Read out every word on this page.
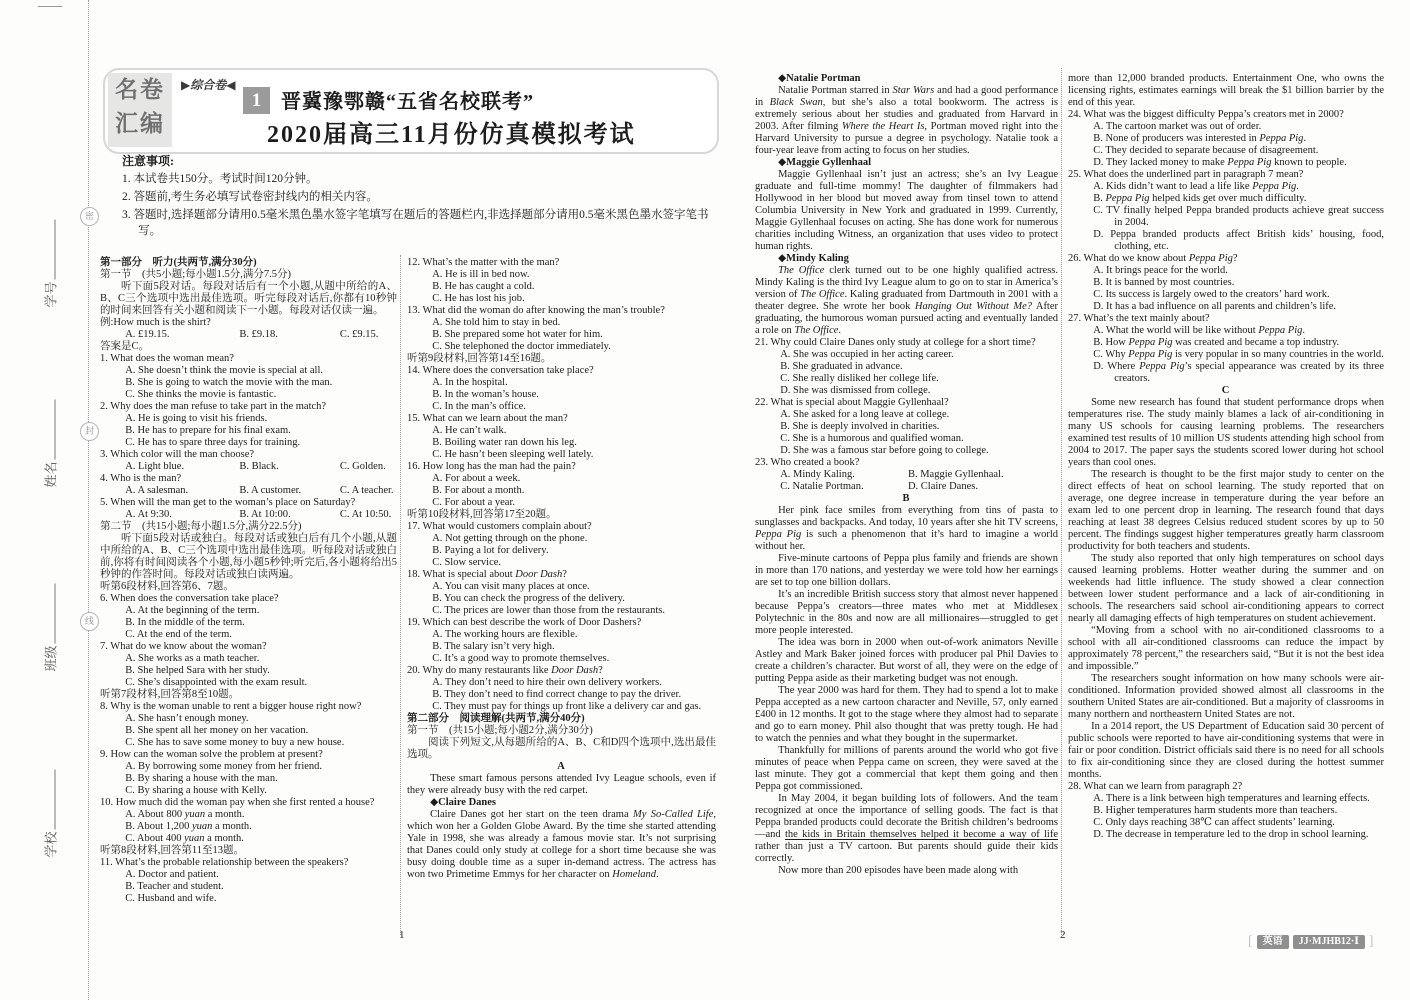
密
封
线
学号
姓名
班级
学校
名卷
汇编
▶综合卷◀
1 晋冀豫鄂赣“五省名校联考”
2020届高三11月份仿真模拟考试
注意事项:
1. 本试卷共150分。考试时间120分钟。
2. 答题前,考生务必填写试卷密封线内的相关内容。
3. 答题时,选择题部分请用0.5毫米黑色墨水签字笔填写在题后的答题栏内,非选择题部分请用0.5毫米黑色墨水签字笔书写。
第一部分　听力(共两节,满分30分)
第一节　(共5小题;每小题1.5分,满分7.5分)
听下面5段对话。每段对话后有一个小题,从题中所给的A、B、C三个选项中选出最佳选项。听完每段对话后,你都有10秒钟的时间来回答有关小题和阅读下一小题。每段对话仅读一遍。
例:How much is the shirt?
A. £19.15.	B. £9.18.	C. £9.15.
答案是C。
1. What does the woman mean?
A. She doesn’t think the movie is special at all.
B. She is going to watch the movie with the man.
C. She thinks the movie is fantastic.
2. Why does the man refuse to take part in the match?
A. He is going to visit his friends.
B. He has to prepare for his final exam.
C. He has to spare three days for training.
3. Which color will the man choose?
A. Light blue.	B. Black.	C. Golden.
4. Who is the man?
A. A salesman.	B. A customer.	C. A teacher.
5. When will the man get to the woman’s place on Saturday?
A. At 9:30.	B. At 10:00.	C. At 10:50.
第二节　(共15小题;每小题1.5分,满分22.5分)
听下面5段对话或独白。每段对话或独白后有几个小题,从题中所给的A、B、C三个选项中选出最佳选项。听每段对话或独白前,你将有时间阅读各个小题,每小题5秒钟;听完后,各小题将给出5秒钟的作答时间。每段对话或独白读两遍。
听第6段材料,回答第6、7题。
6. When does the conversation take place?
A. At the beginning of the term.
B. In the middle of the term.
C. At the end of the term.
7. What do we know about the woman?
A. She works as a math teacher.
B. She helped Sara with her study.
C. She’s disappointed with the exam result.
听第7段材料,回答第8至10题。
8. Why is the woman unable to rent a bigger house right now?
A. She hasn’t enough money.
B. She spent all her money on her vacation.
C. She has to save some money to buy a new house.
9. How can the woman solve the problem at present?
A. By borrowing some money from her friend.
B. By sharing a house with the man.
C. By sharing a house with Kelly.
10. How much did the woman pay when she first rented a house?
A. About 800 yuan a month.
B. About 1,200 yuan a month.
C. About 400 yuan a month.
听第8段材料,回答第11至13题。
11. What’s the probable relationship between the speakers?
A. Doctor and patient.
B. Teacher and student.
C. Husband and wife.
12. What’s the matter with the man?
A. He is ill in bed now.
B. He has caught a cold.
C. He has lost his job.
13. What did the woman do after knowing the man’s trouble?
A. She told him to stay in bed.
B. She prepared some hot water for him.
C. She telephoned the doctor immediately.
听第9段材料,回答第14至16题。
14. Where does the conversation take place?
A. In the hospital.
B. In the woman’s house.
C. In the man’s office.
15. What can we learn about the man?
A. He can’t walk.
B. Boiling water ran down his leg.
C. He hasn’t been sleeping well lately.
16. How long has the man had the pain?
A. For about a week.
B. For about a month.
C. For about a year.
听第10段材料,回答第17至20题。
17. What would customers complain about?
A. Not getting through on the phone.
B. Paying a lot for delivery.
C. Slow service.
18. What is special about Door Dash?
A. You can visit many places at once.
B. You can check the progress of the delivery.
C. The prices are lower than those from the restaurants.
19. Which can best describe the work of Door Dashers?
A. The working hours are flexible.
B. The salary isn’t very high.
C. It’s a good way to promote themselves.
20. Why do many restaurants like Door Dash?
A. They don’t need to hire their own delivery workers.
B. They don’t need to find correct change to pay the driver.
C. They must pay for things up front like a delivery car and gas.
第二部分　阅读理解(共两节,满分40分)
第一节　(共15小题;每小题2分,满分30分)
阅读下列短文,从每题所给的A、B、C和D四个选项中,选出最佳选项。
A
These smart famous persons attended Ivy League schools, even if they were already busy with the red carpet.
◆Claire Danes
Claire Danes got her start on the teen drama My So-Called Life, which won her a Golden Globe Award. By the time she started attending Yale in 1998, she was already a famous movie star. It’s not surprising that Danes could only study at college for a short time because she was busy doing double time as a super in-demand actress. The actress has won two Primetime Emmys for her character on Homeland.
◆Natalie Portman
Natalie Portman starred in Star Wars and had a good performance in Black Swan, but she’s also a total bookworm. The actress is extremely serious about her studies and graduated from Harvard in 2003. After filming Where the Heart Is, Portman moved right into the Harvard University to pursue a degree in psychology. Natalie took a four-year leave from acting to focus on her studies.
◆Maggie Gyllenhaal
Maggie Gyllenhaal isn’t just an actress; she’s an Ivy League graduate and full-time mommy! The daughter of filmmakers had Hollywood in her blood but moved away from tinsel town to attend Columbia University in New York and graduated in 1999. Currently, Maggie Gyllenhaal focuses on acting. She has done work for numerous charities including Witness, an organization that uses video to protect human rights.
◆Mindy Kaling
The Office clerk turned out to be one highly qualified actress. Mindy Kaling is the third Ivy League alum to go on to star in America’s version of The Office. Kaling graduated from Dartmouth in 2001 with a theater degree. She wrote her book Hanging Out Without Me? After graduating, the humorous woman pursued acting and eventually landed a role on The Office.
21. Why could Claire Danes only study at college for a short time?
A. She was occupied in her acting career.
B. She graduated in advance.
C. She really disliked her college life.
D. She was dismissed from college.
22. What is special about Maggie Gyllenhaal?
A. She asked for a long leave at college.
B. She is deeply involved in charities.
C. She is a humorous and qualified woman.
D. She was a famous star before going to college.
23. Who created a book?
A. Mindy Kaling.	B. Maggie Gyllenhaal.
C. Natalie Portman.	D. Claire Danes.
B
Her pink face smiles from everything from tins of pasta to sunglasses and backpacks. And today, 10 years after she hit TV screens, Peppa Pig is such a phenomenon that it’s hard to imagine a world without her.
Five-minute cartoons of Peppa plus family and friends are shown in more than 170 nations, and yesterday we were told how her earnings are set to top one billion dollars.
It’s an incredible British success story that almost never happened because Peppa’s creators—three mates who met at Middlesex Polytechnic in the 80s and now are all millionaires—struggled to get more people interested.
The idea was born in 2000 when out-of-work animators Neville Astley and Mark Baker joined forces with producer pal Phil Davies to create a children’s character. But worst of all, they were on the edge of putting Peppa aside as their marketing budget was not enough.
The year 2000 was hard for them. They had to spend a lot to make Peppa accepted as a new cartoon character and Neville, 57, only earned £400 in 12 months. It got to the stage where they almost had to separate and go to earn money. Phil also thought that was pretty tough. He had to watch the pennies and what they bought in the supermarket.
Thankfully for millions of parents around the world who got five minutes of peace when Peppa came on screen, they were saved at the last minute. They got a commercial that kept them going and then Peppa got commissioned.
In May 2004, it began building lots of followers. And the team recognized at once the importance of selling goods. The fact is that Peppa branded products could decorate the British children’s bedrooms—and the kids in Britain themselves helped it become a way of life rather than just a TV cartoon. But parents should guide their kids correctly.
Now more than 200 episodes have been made along with
more than 12,000 branded products. Entertainment One, who owns the licensing rights, estimates earnings will break the $1 billion barrier by the end of this year.
24. What was the biggest difficulty Peppa’s creators met in 2000?
A. The cartoon market was out of order.
B. None of producers was interested in Peppa Pig.
C. They decided to separate because of disagreement.
D. They lacked money to make Peppa Pig known to people.
25. What does the underlined part in paragraph 7 mean?
A. Kids didn’t want to lead a life like Peppa Pig.
B. Peppa Pig helped kids get over much difficulty.
C. TV finally helped Peppa branded products achieve great success in 2004.
D. Peppa branded products affect British kids’ housing, food, clothing, etc.
26. What do we know about Peppa Pig?
A. It brings peace for the world.
B. It is banned by most countries.
C. Its success is largely owed to the creators’ hard work.
D. It has a bad influence on all parents and children’s life.
27. What’s the text mainly about?
A. What the world will be like without Peppa Pig.
B. How Peppa Pig was created and became a top industry.
C. Why Peppa Pig is very popular in so many countries in the world.
D. Where Peppa Pig’s special appearance was created by its three creators.
C
Some new research has found that student performance drops when temperatures rise. The study mainly blames a lack of air-conditioning in many US schools for causing learning problems. The researchers examined test results of 10 million US students attending high school from 2004 to 2017. The paper says the students scored lower during hot school years than cool ones.
The research is thought to be the first major study to center on the direct effects of heat on school learning. The study reported that on average, one degree increase in temperature during the year before an exam led to one percent drop in learning. The research found that days reaching at least 38 degrees Celsius reduced student scores by up to 50 percent. The findings suggest higher temperatures greatly harm classroom productivity for both teachers and students.
The study also reported that only high temperatures on school days caused learning problems. Hotter weather during the summer and on weekends had little influence. The study showed a clear connection between lower student performance and a lack of air-conditioning in schools. The researchers said school air-conditioning appears to correct nearly all damaging effects of high temperatures on student achievement.
“Moving from a school with no air-conditioned classrooms to a school with all air-conditioned classrooms can reduce the impact by approximately 78 percent,” the researchers said, “But it is not the best idea and impossible.”
The researchers sought information on how many schools were air-conditioned. Information provided showed almost all classrooms in the southern United States are air-conditioned. But a majority of classrooms in many northern and northeastern United States are not.
In a 2014 report, the US Department of Education said 30 percent of public schools were reported to have air-conditioning systems that were in fair or poor condition. District officials said there is no need for all schools to fix air-conditioning since they are closed during the hottest summer months.
28. What can we learn from paragraph 2?
A. There is a link between high temperatures and learning effects.
B. Higher temperatures harm students more than teachers.
C. Only days reaching 38℃ can affect students’ learning.
D. The decrease in temperature led to the drop in school learning.
1	2	[	英语	JJ·MJHB12·Ⅰ ]
